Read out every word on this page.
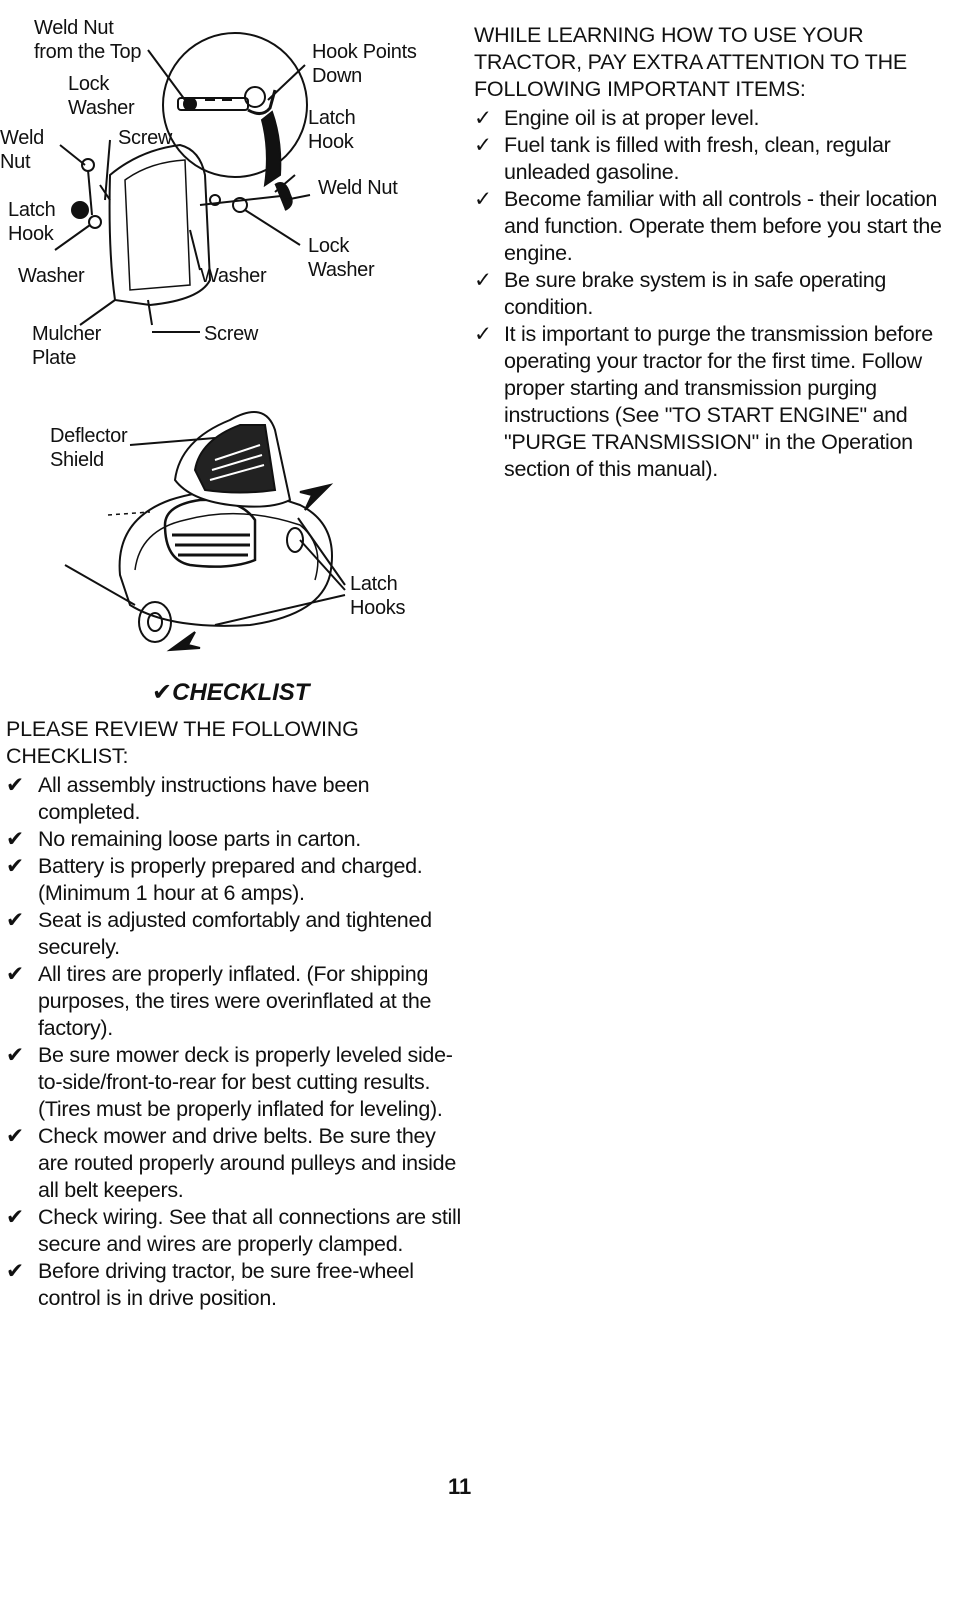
Weld Nut
from the Top
Lock
Washer
Weld
Nut
Screw
Latch
Hook
Washer	Washer
Mulcher
Plate
Screw
Hook Points
Down
Latch
Hook
Weld Nut
Lock
Washer
Deflector
Shield
Latch
Hooks

WHILE LEARNING HOW TO USE YOUR TRACTOR, PAY EXTRA ATTENTION TO THE FOLLOWING IMPORTANT ITEMS:

✓ Engine oil is at proper level.
✓ Fuel tank is filled with fresh, clean, regular unleaded gasoline.
✓ Become familiar with all controls - their location and function. Operate them before you start the engine.
✓ Be sure brake system is in safe operating condition.
✓ It is important to purge the transmission before operating your tractor for the first time. Follow proper starting and transmission purging instructions (See "TO START ENGINE" and "PURGE TRANSMISSION" in the Operation section of this manual).
✔CHECKLIST

PLEASE REVIEW THE FOLLOWING CHECKLIST:

✔ All assembly instructions have been completed.
✔ No remaining loose parts in carton.
✔ Battery is properly prepared and charged. (Minimum 1 hour at 6 amps).
✔ Seat is adjusted comfortably and tightened securely.
✔ All tires are properly inflated. (For shipping purposes, the tires were overinflated at the factory).
✔ Be sure mower deck is properly leveled side-to-side/front-to-rear for best cutting results. (Tires must be properly inflated for leveling).
✔ Check mower and drive belts. Be sure they are routed properly around pulleys and inside all belt keepers.
✔ Check wiring. See that all connections are still secure and wires are properly clamped.
✔ Before driving tractor, be sure free-wheel control is in drive position.
11
